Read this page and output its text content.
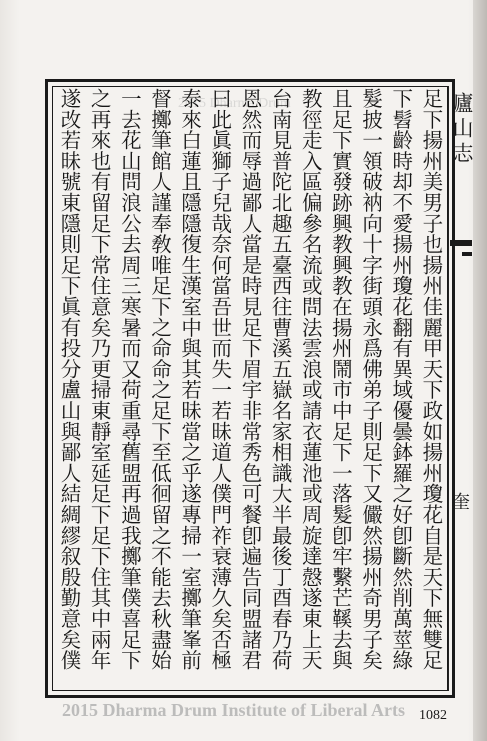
廬山志
奎
2015 Dharma Drum	足下揚州美男子也揚州佳麗甲天下政如揚州瓊花自是天下無雙足
下髫齡時却不愛揚州瓊花翻有異域優曇鉢羅之好卽斷然削萬莖綠
髮披一領破衲向十字街頭永爲佛弟子則足下又儼然揚州奇男子矣
且足下實發跡興教興教在揚州鬧市中足下一落髮卽牢繫芒鞵去與
教徑走入區偏參名流或問法雲浪或請衣蓮池或周旋達慤遂東上天
台南見普陀北趣五臺西往曹溪五嶽名家相識大半最後丁酉春乃荷
恩然而辱過鄙人當是時見足下眉宇非常秀色可餐卽遍告同盟諸君
曰此眞獅子兒哉奈何當吾世而失一若昧道人僕門祚衰薄久矣否極
泰來白蓮且隱隱復生漢室中與其若昧當之乎遂專掃一室擲筆峯前
督擲筆館人謹奉敎唯足下之命命之足下至低徊留之不能去秋盡始
一去花山問浪公去周三寒暑而又荷重尋舊盟再過我擲筆僕喜足下
之再來也有留足下常住意矣乃更掃東靜室延足下足下住其中兩年
遂改若昧號東隱則足下眞有投分盧山與鄙人結綢繆叙殷勤意矣僕
1082
2015 Dharma Drum Institute of Liberal Arts
